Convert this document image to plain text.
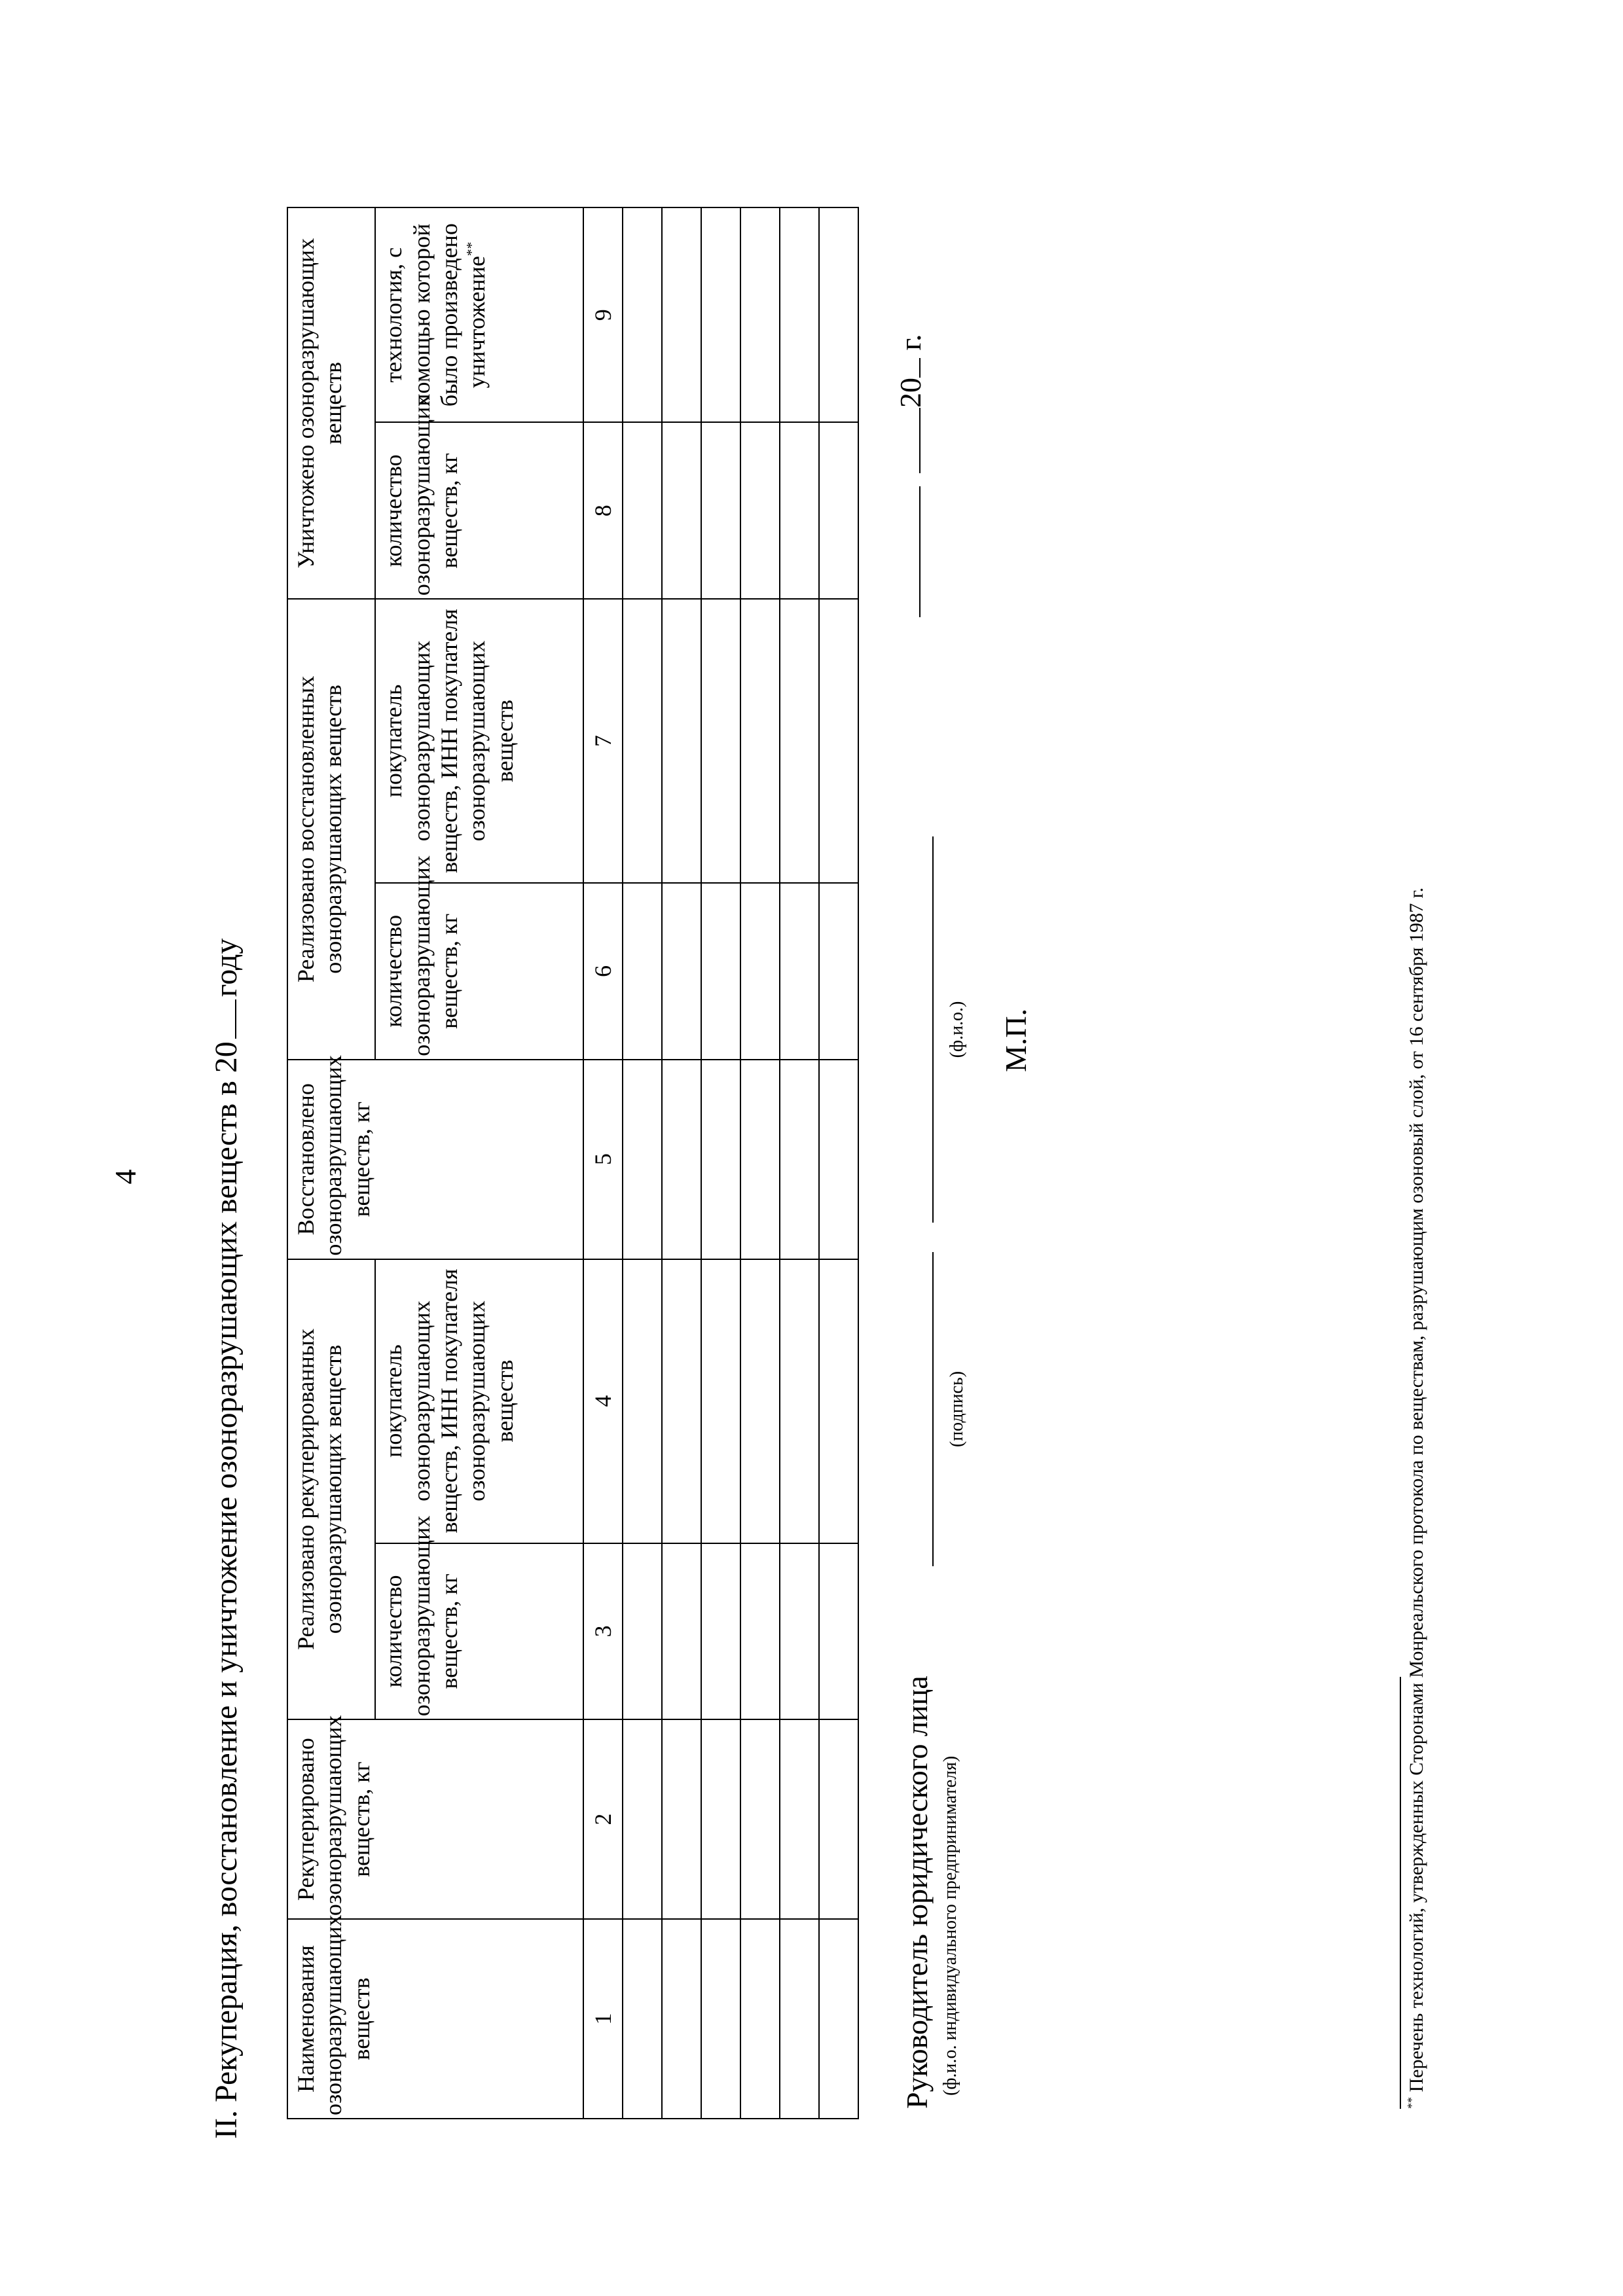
4 II. Рекуперация, восстановление и уничтожение озоноразрушающих веществ в 20году
Наименования озоноразрушающих веществ	Рекуперировано озоноразрушающих веществ, кг	Реализовано рекуперированных озоноразрушающих веществ		Восстановлено озоноразрушающих веществ, кг	Реализовано восстановленных озоноразрушающих веществ		Уничтожено озоноразрушающих веществ	
		количество озоноразрушающих веществ, кг	покупатель озоноразрушающих веществ, ИНН покупателя озоноразрушающих веществ		количество озоноразрушающих веществ, кг	покупатель озоноразрушающих веществ, ИНН покупателя озоноразрушающих веществ	количество озоноразрушающих веществ, кг	технология, с помощью которой было произведено уничтожение**
1	2	3	4	5	6	7	8	9

Руководитель юридического лица (ф.и.о. индивидуального предпринимателя)
(подпись)
(ф.и.о.)
20 г.
М.П.
** Перечень технологий, утвержденных Сторонами Монреальского протокола по веществам, разрушающим озоновый слой, от 16 сентября 1987 г.
